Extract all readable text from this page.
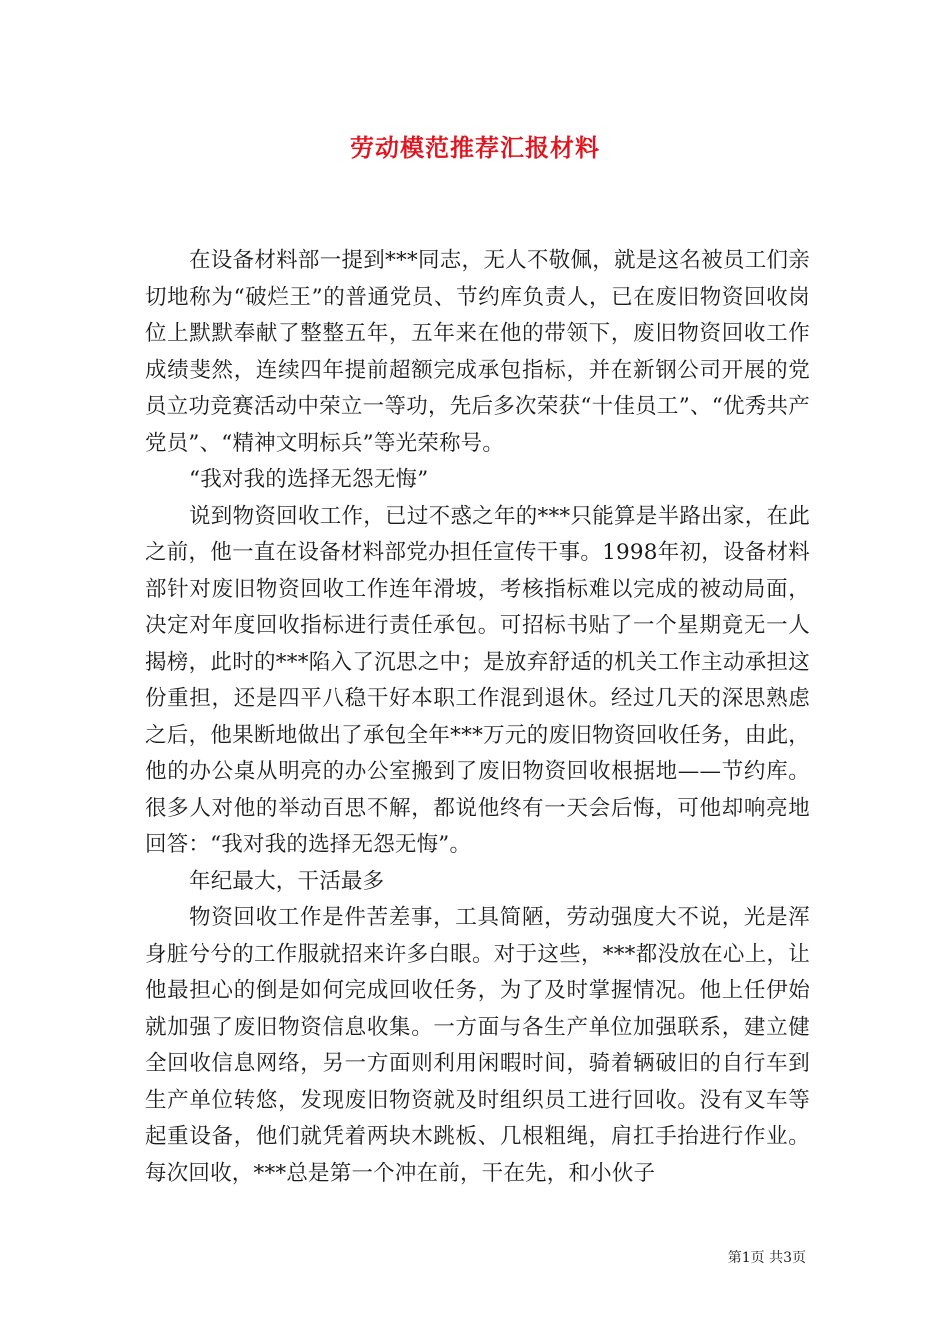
劳动模范推荐汇报材料

在设备材料部一提到***同志，无人不敬佩，就是这名被员工们亲切地称为“破烂王”的普通党员、节约库负责人，已在废旧物资回收岗位上默默奉献了整整五年，五年来在他的带领下，废旧物资回收工作成绩斐然，连续四年提前超额完成承包指标，并在新钢公司开展的党员立功竞赛活动中荣立一等功，先后多次荣获“十佳员工”、“优秀共产党员”、“精神文明标兵”等光荣称号。

“我对我的选择无怨无悔”

说到物资回收工作，已过不惑之年的***只能算是半路出家，在此之前，他一直在设备材料部党办担任宣传干事。1998年初，设备材料部针对废旧物资回收工作连年滑坡，考核指标难以完成的被动局面，决定对年度回收指标进行责任承包。可招标书贴了一个星期竟无一人揭榜，此时的***陷入了沉思之中；是放弃舒适的机关工作主动承担这份重担，还是四平八稳干好本职工作混到退休。经过几天的深思熟虑之后，他果断地做出了承包全年***万元的废旧物资回收任务，由此，他的办公桌从明亮的办公室搬到了废旧物资回收根据地——节约库。很多人对他的举动百思不解，都说他终有一天会后悔，可他却响亮地回答：“我对我的选择无怨无悔”。

年纪最大，干活最多

物资回收工作是件苦差事，工具简陋，劳动强度大不说，光是浑身脏兮兮的工作服就招来许多白眼。对于这些，***都没放在心上，让他最担心的倒是如何完成回收任务，为了及时掌握情况。他上任伊始就加强了废旧物资信息收集。一方面与各生产单位加强联系，建立健全回收信息网络，另一方面则利用闲暇时间，骑着辆破旧的自行车到生产单位转悠，发现废旧物资就及时组织员工进行回收。没有叉车等起重设备，他们就凭着两块木跳板、几根粗绳，肩扛手抬进行作业。每次回收，***总是第一个冲在前，干在先，和小伙子

第1页 共3页
